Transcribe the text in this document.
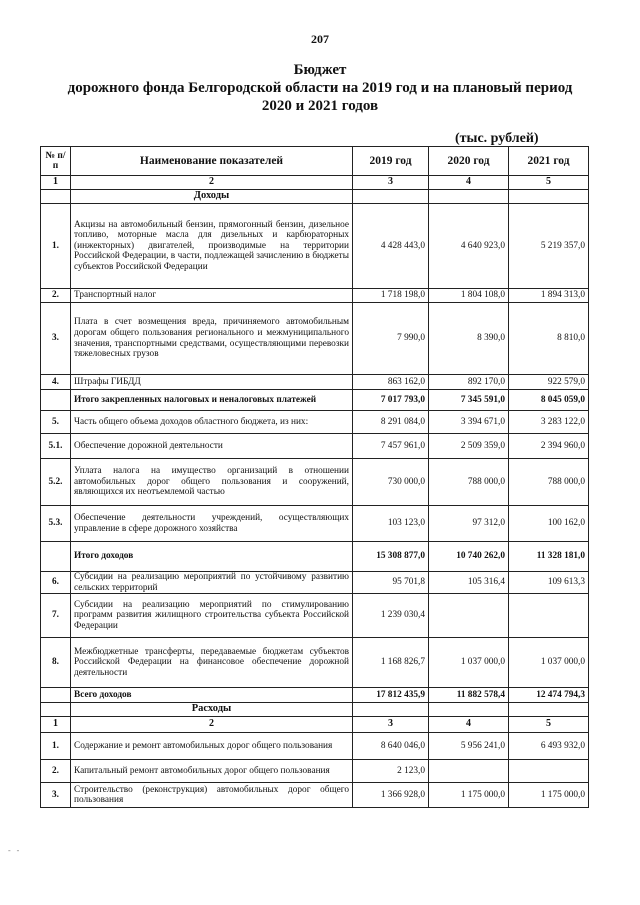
207
Бюджет
дорожного фонда Белгородской области на 2019 год и на плановый период
2020 и 2021 годов
(тыс. рублей)
№ п/п	Наименование показателей	2019 год	2020 год	2021 год
1	2	3	4	5
	Доходы			
1.	Акцизы на автомобильный бензин, прямогонный бензин, дизельное топливо, моторные масла для дизельных и карбюраторных (инжекторных) двигателей, производимые на территории Российской Федерации, в части, подлежащей зачислению в бюджеты субъектов Российской Федерации	4 428 443,0	4 640 923,0	5 219 357,0
2.	Транспортный налог	1 718 198,0	1 804 108,0	1 894 313,0
3.	Плата в счет возмещения вреда, причиняемого автомобильным дорогам общего пользования регионального и межмуниципального значения, транспортными средствами, осуществляющими перевозки тяжеловесных грузов	7 990,0	8 390,0	8 810,0
4.	Штрафы ГИБДД	863 162,0	892 170,0	922 579,0
	Итого закрепленных налоговых и неналоговых платежей	7 017 793,0	7 345 591,0	8 045 059,0
5.	Часть общего объема доходов областного бюджета, из них:	8 291 084,0	3 394 671,0	3 283 122,0
5.1.	Обеспечение дорожной деятельности	7 457 961,0	2 509 359,0	2 394 960,0
5.2.	Уплата налога на имущество организаций в отношении автомобильных дорог общего пользования и сооружений, являющихся их неотъемлемой частью	730 000,0	788 000,0	788 000,0
5.3.	Обеспечение деятельности учреждений, осуществляющих управление в сфере дорожного хозяйства	103 123,0	97 312,0	100 162,0
	Итого доходов	15 308 877,0	10 740 262,0	11 328 181,0
6.	Субсидии на реализацию мероприятий по устойчивому развитию сельских территорий	95 701,8	105 316,4	109 613,3
7.	Субсидии на реализацию мероприятий по стимулированию программ развития жилищного строительства субъекта Российской Федерации	1 239 030,4		
8.	Межбюджетные трансферты, передаваемые бюджетам субъектов Российской Федерации на финансовое обеспечение дорожной деятельности	1 168 826,7	1 037 000,0	1 037 000,0
	Всего доходов	17 812 435,9	11 882 578,4	12 474 794,3
	Расходы			
1	2	3	4	5
1.	Содержание и ремонт автомобильных дорог общего пользования	8 640 046,0	5 956 241,0	6 493 932,0
2.	Капитальный ремонт автомобильных дорог общего пользования	2 123,0		
3.	Строительство (реконструкция) автомобильных дорог общего пользования	1 366 928,0	1 175 000,0	1 175 000,0
- -
